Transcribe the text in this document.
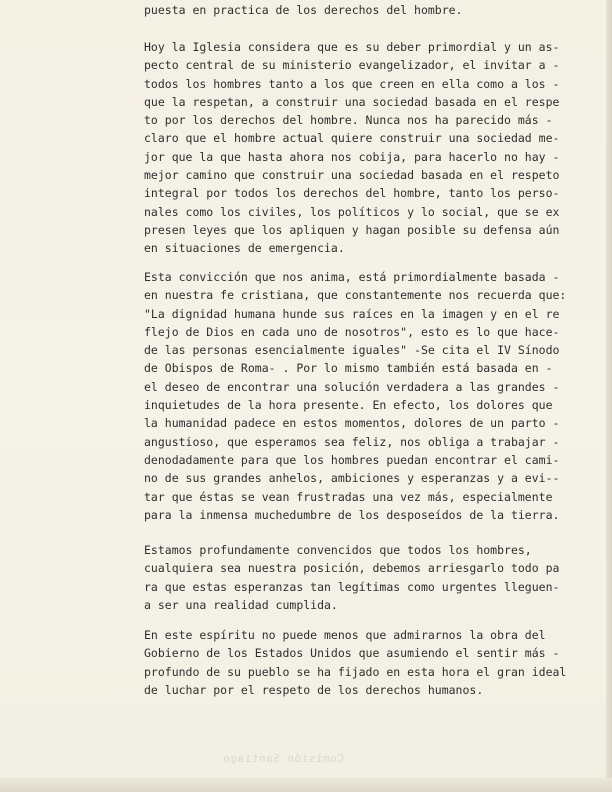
puesta en practica de los derechos del hombre.
Hoy la Iglesia considera que es su deber primordial y un as-
pecto central de su ministerio evangelizador, el invitar a -
todos los hombres tanto a los que creen en ella como a los -
que la respetan, a construir una sociedad basada en el respe
to por los derechos del hombre. Nunca nos ha parecido más -
claro que el hombre actual quiere construir una sociedad me-
jor que la que hasta ahora nos cobija, para hacerlo no hay -
mejor camino que construir una sociedad basada en el respeto
integral por todos los derechos del hombre, tanto los perso-
nales como los civiles, los políticos y lo social, que se ex
presen leyes que los apliquen y hagan posible su defensa aún
en situaciones de emergencia.
Esta convicción que nos anima, está primordialmente basada -
en nuestra fe cristiana, que constantemente nos recuerda que:
"La dignidad humana hunde sus raíces en la imagen y en el re
flejo de Dios en cada uno de nosotros", esto es lo que hace-
de las personas esencialmente iguales" -Se cita el IV Sínodo
de Obispos de Roma- . Por lo mismo también está basada en -
el deseo de encontrar una solución verdadera a las grandes -
inquietudes de la hora presente. En efecto, los dolores que
la humanidad padece en estos momentos, dolores de un parto -
angustioso, que esperamos sea feliz, nos obliga a trabajar -
denodadamente para que los hombres puedan encontrar el cami-
no de sus grandes anhelos, ambiciones y esperanzas y a evi--
tar que éstas se vean frustradas una vez más, especialmente
para la inmensa muchedumbre de los desposeídos de la tierra.
Estamos profundamente convencidos que todos los hombres,
cualquiera sea nuestra posición, debemos arriesgarlo todo pa
ra que estas esperanzas tan legítimas como urgentes lleguen-
a ser una realidad cumplida.
En este espíritu no puede menos que admirarnos la obra del
Gobierno de los Estados Unidos que asumiendo el sentir más -
profundo de su pueblo se ha fijado en esta hora el gran ideal
de luchar por el respeto de los derechos humanos.
Comisión Santiago
